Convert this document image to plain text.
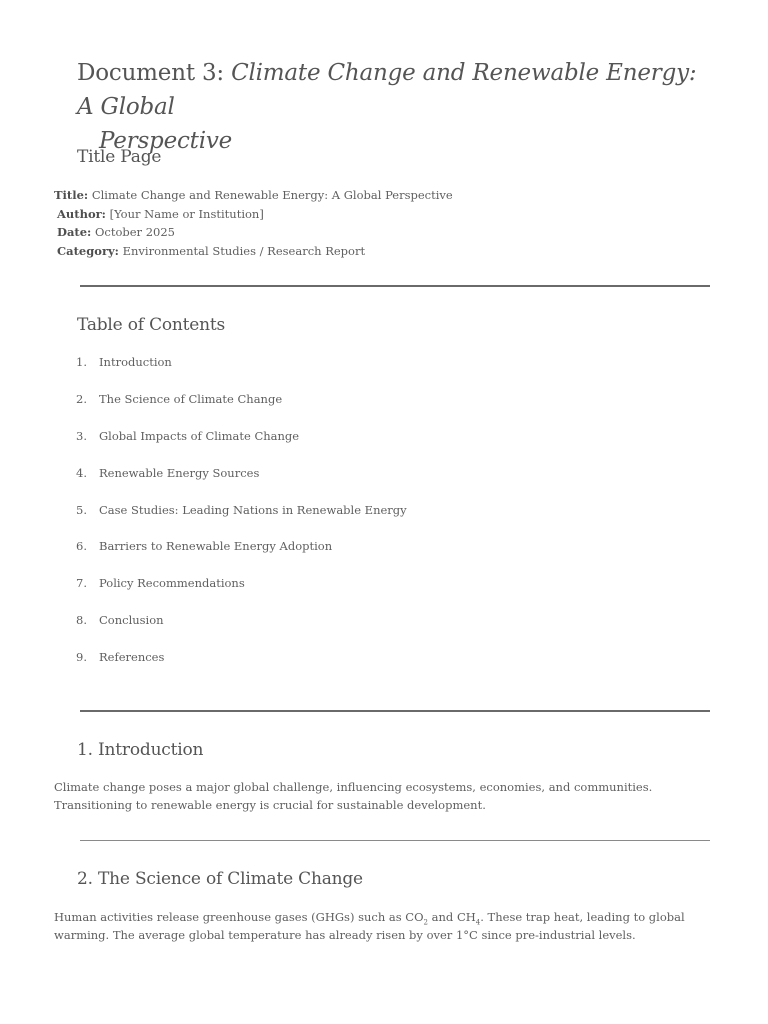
Document 3: Climate Change and Renewable Energy: A Global
Perspective
Title Page
Title: Climate Change and Renewable Energy: A Global Perspective
Author: [Your Name or Institution]
Date: October 2025
Category: Environmental Studies / Research Report
Table of Contents
1. Introduction
2. The Science of Climate Change
3. Global Impacts of Climate Change
4. Renewable Energy Sources
5. Case Studies: Leading Nations in Renewable Energy
6. Barriers to Renewable Energy Adoption
7. Policy Recommendations
8. Conclusion
9. References
1. Introduction

Climate change poses a major global challenge, influencing ecosystems, economies, and communities. Transitioning to renewable energy is crucial for sustainable development.

2. The Science of Climate Change

Human activities release greenhouse gases (GHGs) such as $CO_2$ and $CH_4$. These trap heat, leading to global warming. The average global temperature has already risen by over 1°C since pre-industrial levels.
